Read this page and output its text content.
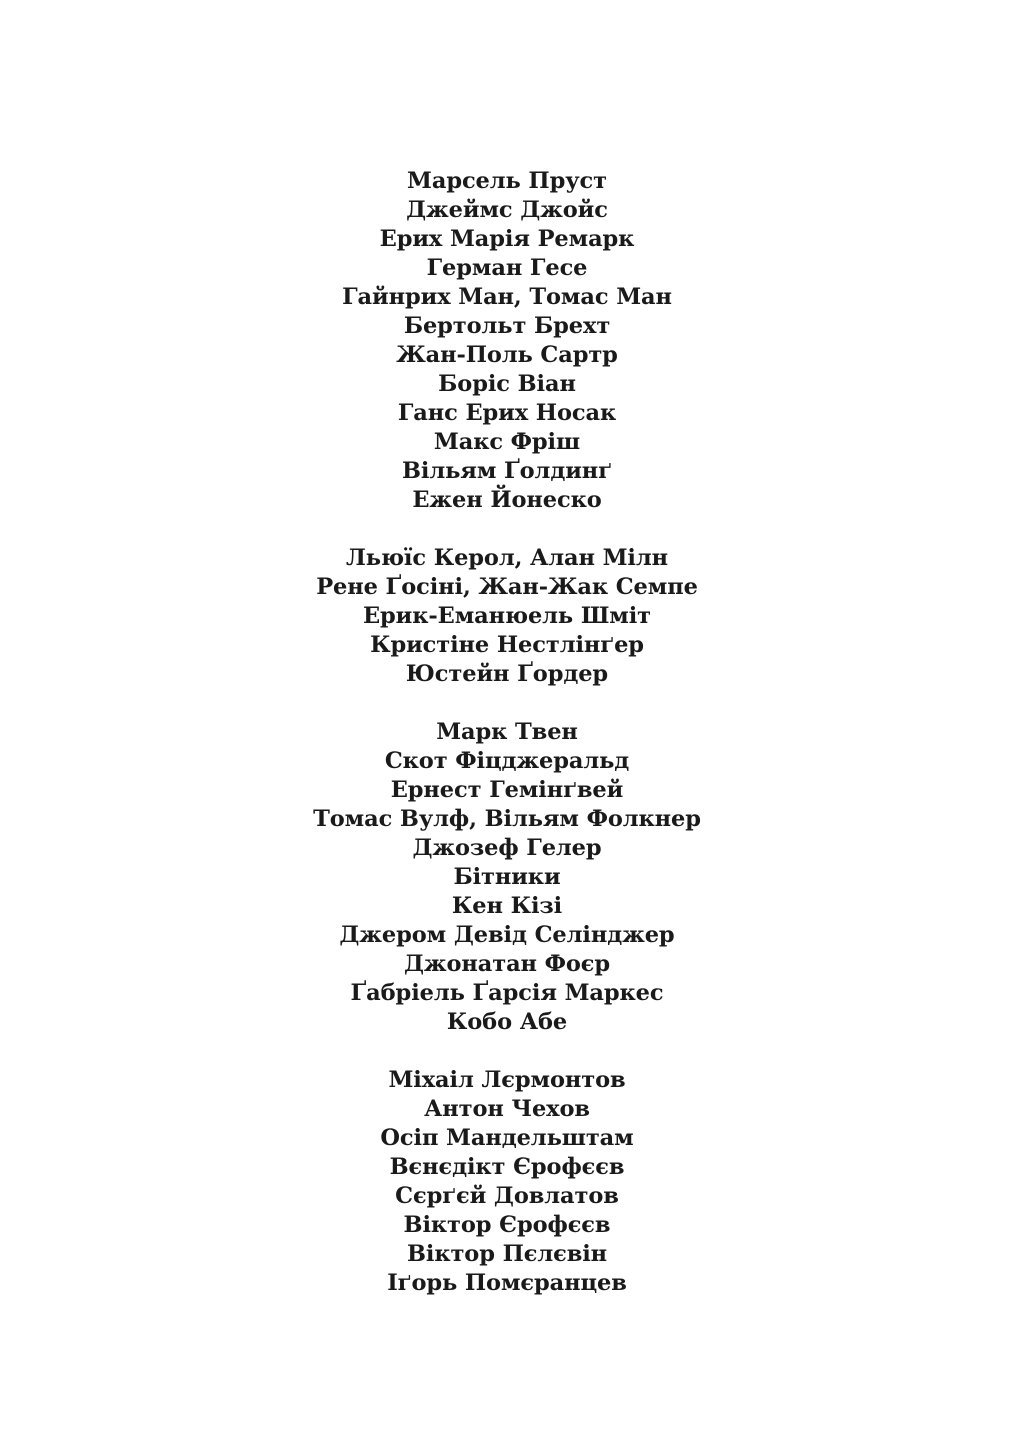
Марсель Пруст
Джеймс Джойс
Ерих Марія Ремарк
Герман Гесе
Гайнрих Ман, Томас Ман
Бертольт Брехт
Жан-Поль Сартр
Боріс Віан
Ганс Ерих Носак
Макс Фріш
Вільям Ґолдинґ
Ежен Йонеско
Льюїс Керол, Алан Мілн
Рене Ґосіні, Жан-Жак Семпе
Ерик-Еманюель Шміт
Кристіне Нестлінґер
Юстейн Ґордер
Марк Твен
Скот Фіцджеральд
Ернест Гемінґвей
Томас Вулф, Вільям Фолкнер
Джозеф Гелер
Бітники
Кен Кізі
Джером Девід Селінджер
Джонатан Фоєр
Ґабріель Ґарсія Маркес
Кобо Абе
Міхаіл Лєрмонтов
Антон Чехов
Осіп Мандельштам
Вєнєдікт Єрофєєв
Сєрґєй Довлатов
Віктор Єрофєєв
Віктор Пєлєвін
Іґорь Помєранцев
